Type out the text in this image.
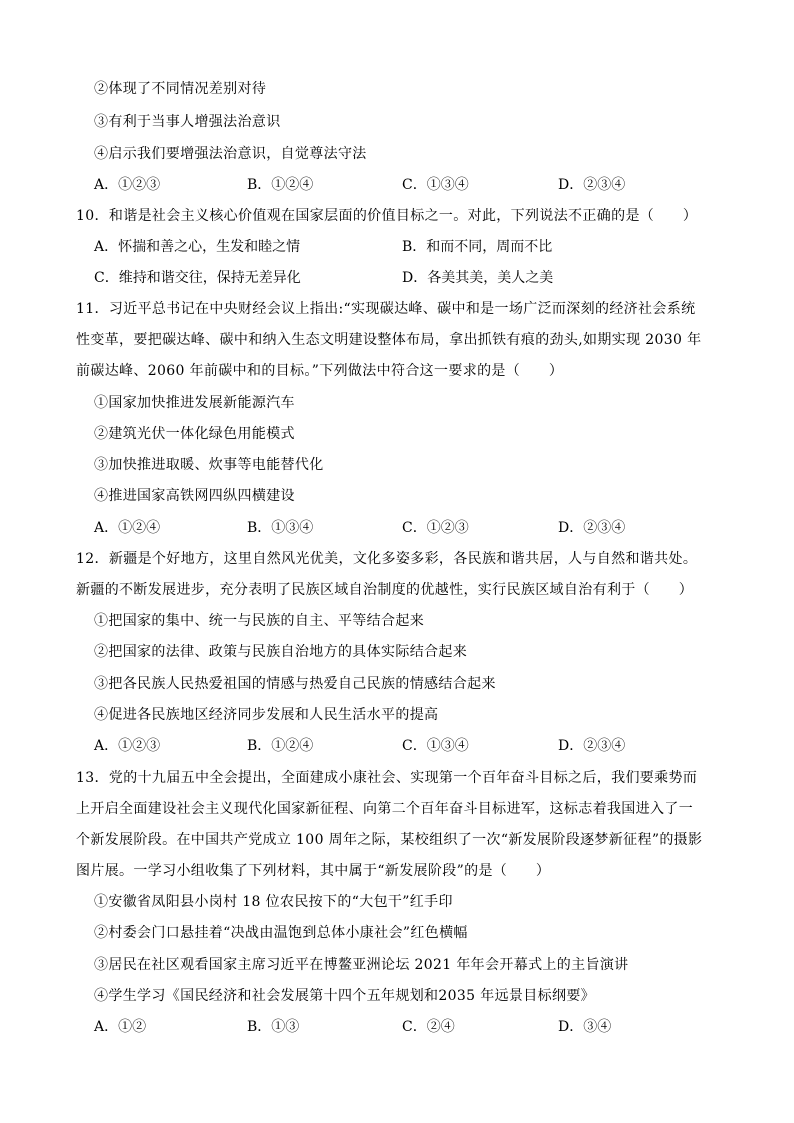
②体现了不同情况差别对待
③有利于当事人增强法治意识
④启示我们要增强法治意识，自觉尊法守法
A．①②③	B．①②④	C．①③④	D．②③④
10．和谐是社会主义核心价值观在国家层面的价值目标之一。对此，下列说法不正确的是（　　）
A．怀揣和善之心，生发和睦之情	B．和而不同，周而不比
C．维持和谐交往，保持无差异化	D．各美其美，美人之美
11．习近平总书记在中央财经会议上指出:“实现碳达峰、碳中和是一场广泛而深刻的经济社会系统
性变革，要把碳达峰、碳中和纳入生态文明建设整体布局，拿出抓铁有痕的劲头,如期实现 2030 年
前碳达峰、2060 年前碳中和的目标。”下列做法中符合这一要求的是（　　）
①国家加快推进发展新能源汽车
②建筑光伏一体化绿色用能模式
③加快推进取暖、炊事等电能替代化
④推进国家高铁网四纵四横建设
A．①②④	B．①③④	C．①②③	D．②③④
12．新疆是个好地方，这里自然风光优美，文化多姿多彩，各民族和谐共居，人与自然和谐共处。
新疆的不断发展进步，充分表明了民族区域自治制度的优越性，实行民族区域自治有利于（　　）
①把国家的集中、统一与民族的自主、平等结合起来
②把国家的法律、政策与民族自治地方的具体实际结合起来
③把各民族人民热爱祖国的情感与热爱自己民族的情感结合起来
④促进各民族地区经济同步发展和人民生活水平的提高
A．①②③	B．①②④	C．①③④	D．②③④
13．党的十九届五中全会提出，全面建成小康社会、实现第一个百年奋斗目标之后，我们要乘势而
上开启全面建设社会主义现代化国家新征程、向第二个百年奋斗目标进军，这标志着我国进入了一
个新发展阶段。在中国共产党成立 100 周年之际，某校组织了一次“新发展阶段逐梦新征程”的摄影
图片展。一学习小组收集了下列材料，其中属于“新发展阶段”的是（　　）
①安徽省凤阳县小岗村 18 位农民按下的“大包干”红手印
②村委会门口悬挂着“决战由温饱到总体小康社会”红色横幅
③居民在社区观看国家主席习近平在博鳌亚洲论坛 2021 年年会开幕式上的主旨演讲
④学生学习《国民经济和社会发展第十四个五年规划和2035 年远景目标纲要》
A．①②	B．①③	C．②④	D．③④
